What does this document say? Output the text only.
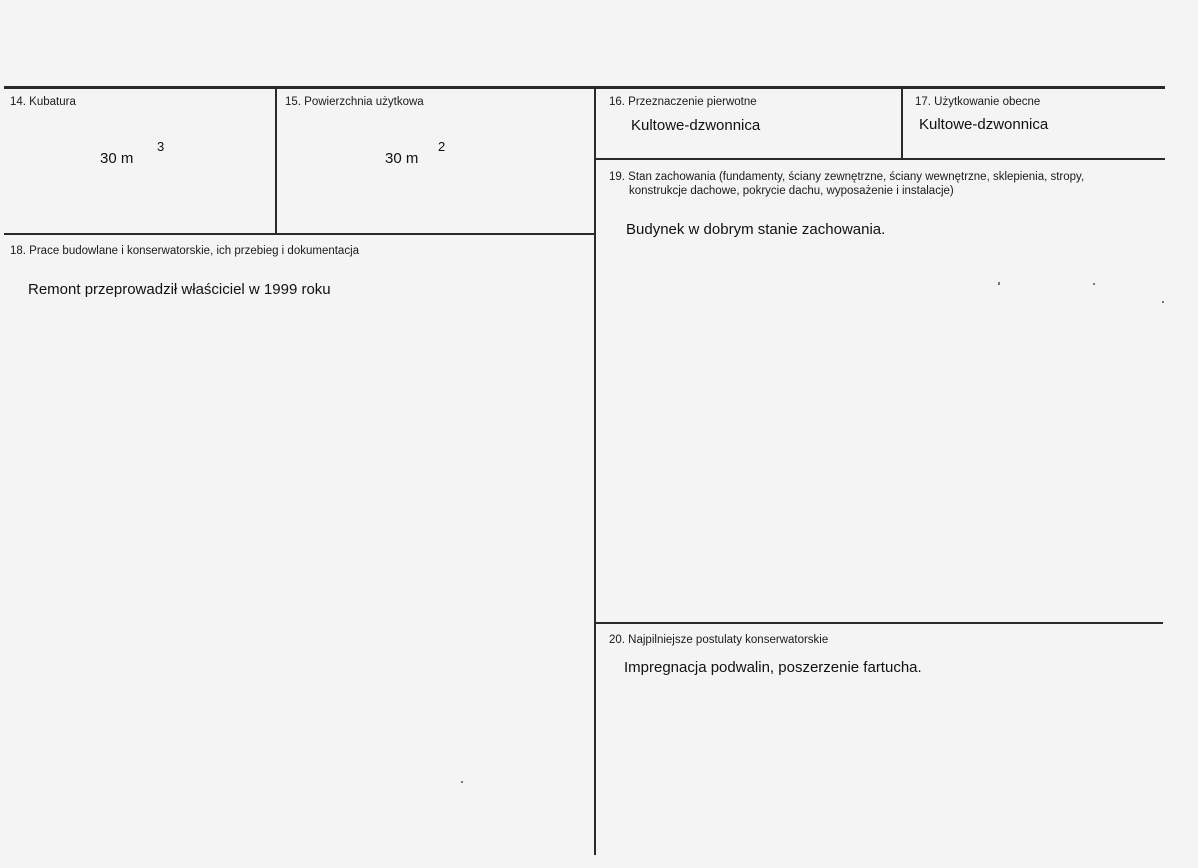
14. Kubatura
30 m
3
15. Powierzchnia użytkowa
30 m
2
16. Przeznaczenie pierwotne
Kultowe-dzwonnica
17. Użytkowanie obecne
Kultowe-dzwonnica
18. Prace budowlane i konserwatorskie, ich przebieg i dokumentacja
Remont przeprowadził właściciel w 1999 roku
19. Stan zachowania (fundamenty, ściany zewnętrzne, ściany wewnętrzne, sklepienia, stropy,
konstrukcje dachowe, pokrycie dachu, wyposażenie i instalacje)
Budynek w dobrym stanie zachowania.
20. Najpilniejsze postulaty konserwatorskie
Impregnacja podwalin, poszerzenie fartucha.
